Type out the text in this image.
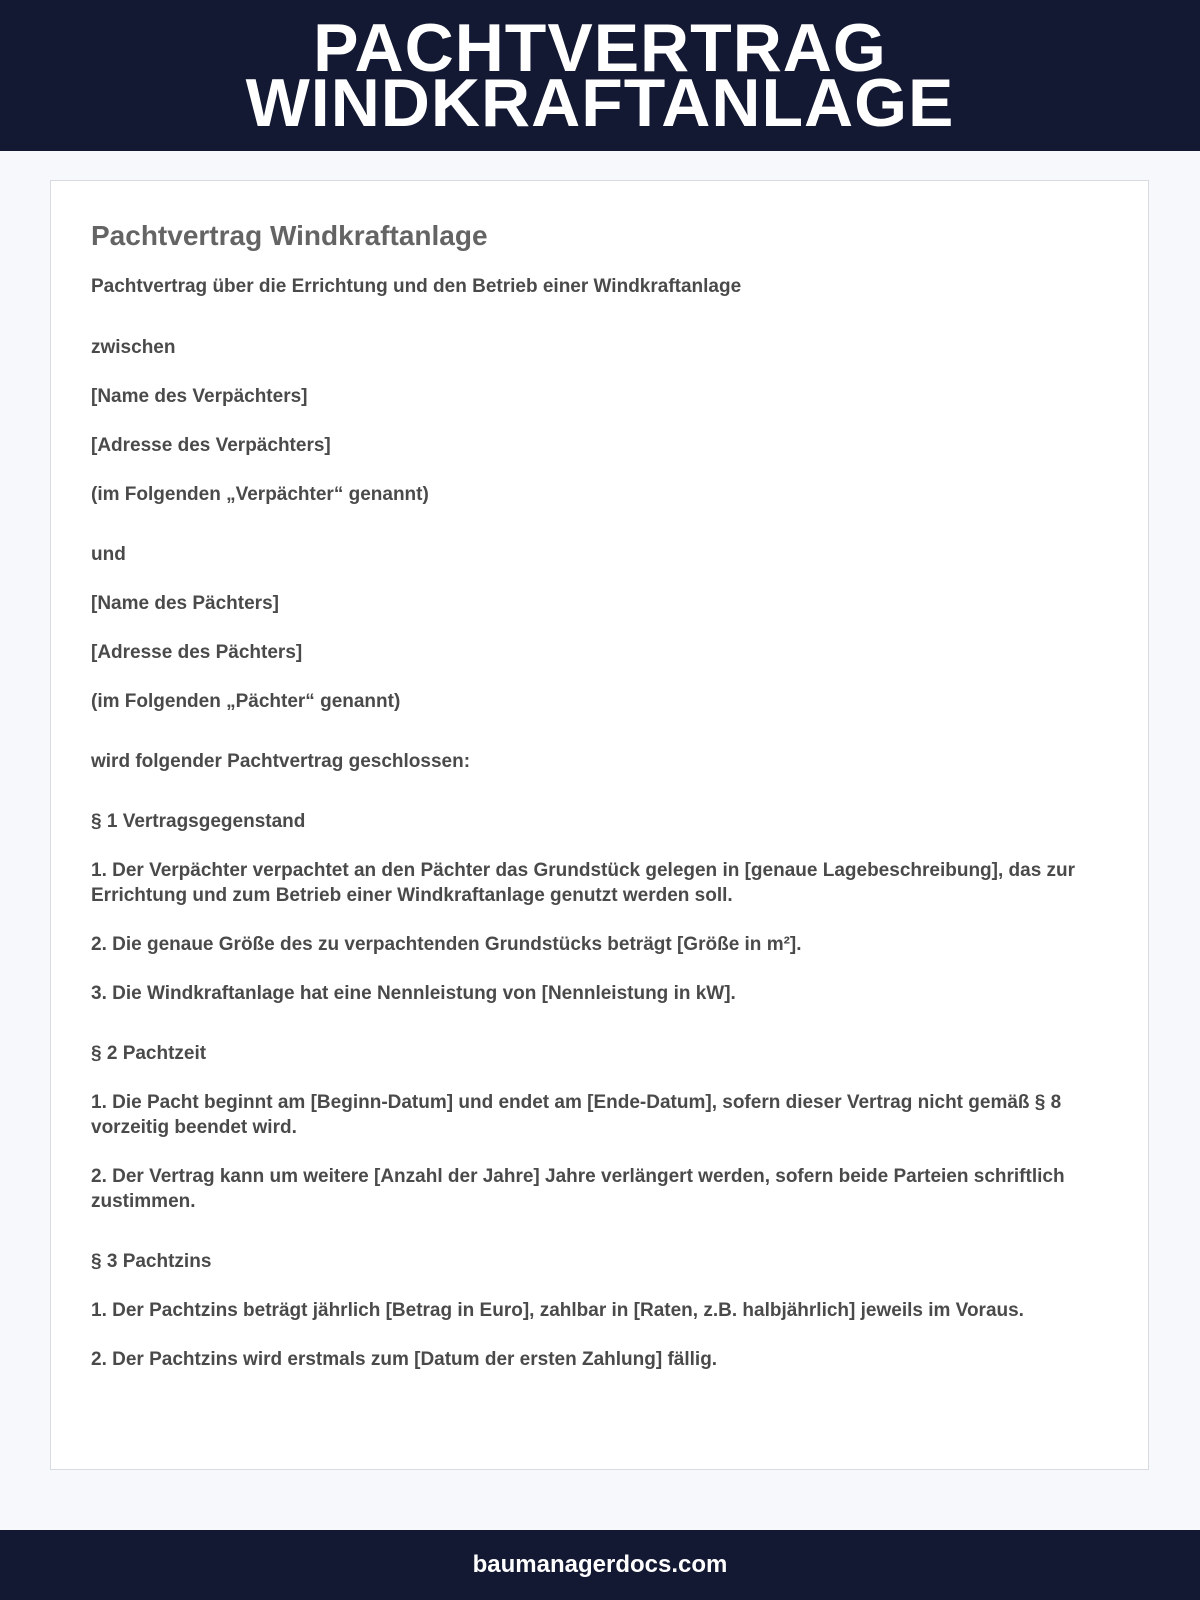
PACHTVERTRAG
WINDKRAFTANLAGE
Pachtvertrag Windkraftanlage

Pachtvertrag über die Errichtung und den Betrieb einer Windkraftanlage

zwischen

[Name des Verpächters]

[Adresse des Verpächters]

(im Folgenden „Verpächter“ genannt)

und

[Name des Pächters]

[Adresse des Pächters]

(im Folgenden „Pächter“ genannt)

wird folgender Pachtvertrag geschlossen:

§ 1 Vertragsgegenstand

1. Der Verpächter verpachtet an den Pächter das Grundstück gelegen in [genaue Lagebeschreibung], das zur Errichtung und zum Betrieb einer Windkraftanlage genutzt werden soll.

2. Die genaue Größe des zu verpachtenden Grundstücks beträgt [Größe in m²].

3. Die Windkraftanlage hat eine Nennleistung von [Nennleistung in kW].

§ 2 Pachtzeit

1. Die Pacht beginnt am [Beginn-Datum] und endet am [Ende-Datum], sofern dieser Vertrag nicht gemäß § 8 vorzeitig beendet wird.

2. Der Vertrag kann um weitere [Anzahl der Jahre] Jahre verlängert werden, sofern beide Parteien schriftlich zustimmen.

§ 3 Pachtzins

1. Der Pachtzins beträgt jährlich [Betrag in Euro], zahlbar in [Raten, z.B. halbjährlich] jeweils im Voraus.

2. Der Pachtzins wird erstmals zum [Datum der ersten Zahlung] fällig.

baumanagerdocs.com
